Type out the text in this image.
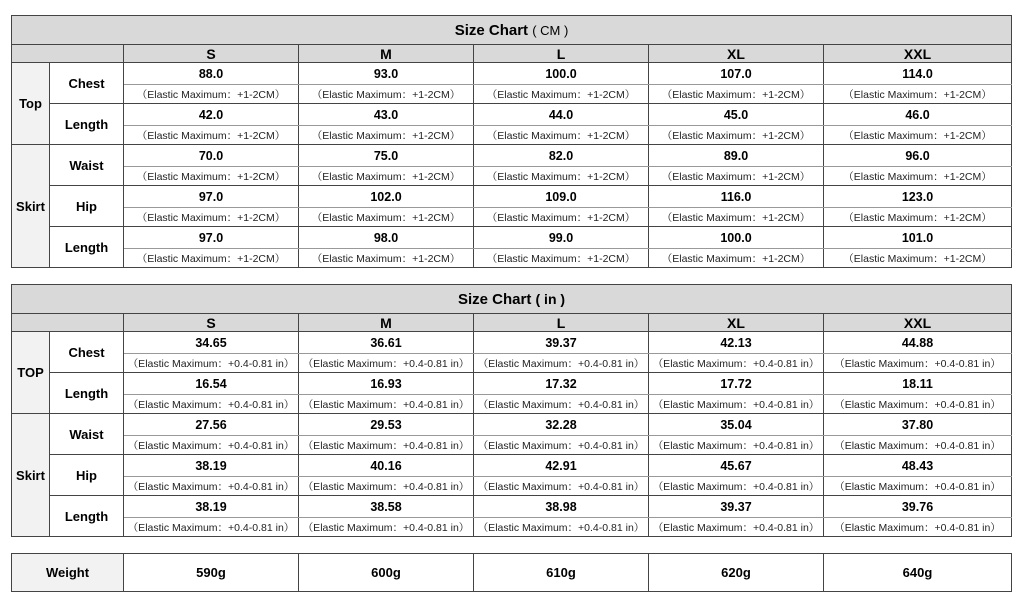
Size Chart ( CM )						
		S	M	L	XL	XXL
Top	Chest	88.0	93.0	100.0	107.0	114.0
		（Elastic Maximum：+1-2CM）	（Elastic Maximum：+1-2CM）	（Elastic Maximum：+1-2CM）	（Elastic Maximum：+1-2CM）	（Elastic Maximum：+1-2CM）
	Length	42.0	43.0	44.0	45.0	46.0
		（Elastic Maximum：+1-2CM）	（Elastic Maximum：+1-2CM）	（Elastic Maximum：+1-2CM）	（Elastic Maximum：+1-2CM）	（Elastic Maximum：+1-2CM）
Skirt	Waist	70.0	75.0	82.0	89.0	96.0
		（Elastic Maximum：+1-2CM）	（Elastic Maximum：+1-2CM）	（Elastic Maximum：+1-2CM）	（Elastic Maximum：+1-2CM）	（Elastic Maximum：+1-2CM）
	Hip	97.0	102.0	109.0	116.0	123.0
		（Elastic Maximum：+1-2CM）	（Elastic Maximum：+1-2CM）	（Elastic Maximum：+1-2CM）	（Elastic Maximum：+1-2CM）	（Elastic Maximum：+1-2CM）
	Length	97.0	98.0	99.0	100.0	101.0
		（Elastic Maximum：+1-2CM）	（Elastic Maximum：+1-2CM）	（Elastic Maximum：+1-2CM）	（Elastic Maximum：+1-2CM）	（Elastic Maximum：+1-2CM）
Size Chart ( in )						
		S	M	L	XL	XXL
TOP	Chest	34.65	36.61	39.37	42.13	44.88
		（Elastic Maximum：+0.4-0.81 in）	（Elastic Maximum：+0.4-0.81 in）	（Elastic Maximum：+0.4-0.81 in）	（Elastic Maximum：+0.4-0.81 in）	（Elastic Maximum：+0.4-0.81 in）
	Length	16.54	16.93	17.32	17.72	18.11
		（Elastic Maximum：+0.4-0.81 in）	（Elastic Maximum：+0.4-0.81 in）	（Elastic Maximum：+0.4-0.81 in）	（Elastic Maximum：+0.4-0.81 in）	（Elastic Maximum：+0.4-0.81 in）
Skirt	Waist	27.56	29.53	32.28	35.04	37.80
		（Elastic Maximum：+0.4-0.81 in）	（Elastic Maximum：+0.4-0.81 in）	（Elastic Maximum：+0.4-0.81 in）	（Elastic Maximum：+0.4-0.81 in）	（Elastic Maximum：+0.4-0.81 in）
	Hip	38.19	40.16	42.91	45.67	48.43
		（Elastic Maximum：+0.4-0.81 in）	（Elastic Maximum：+0.4-0.81 in）	（Elastic Maximum：+0.4-0.81 in）	（Elastic Maximum：+0.4-0.81 in）	（Elastic Maximum：+0.4-0.81 in）
	Length	38.19	38.58	38.98	39.37	39.76
		（Elastic Maximum：+0.4-0.81 in）	（Elastic Maximum：+0.4-0.81 in）	（Elastic Maximum：+0.4-0.81 in）	（Elastic Maximum：+0.4-0.81 in）	（Elastic Maximum：+0.4-0.81 in）
Weight	590g	600g	610g	620g	640g
